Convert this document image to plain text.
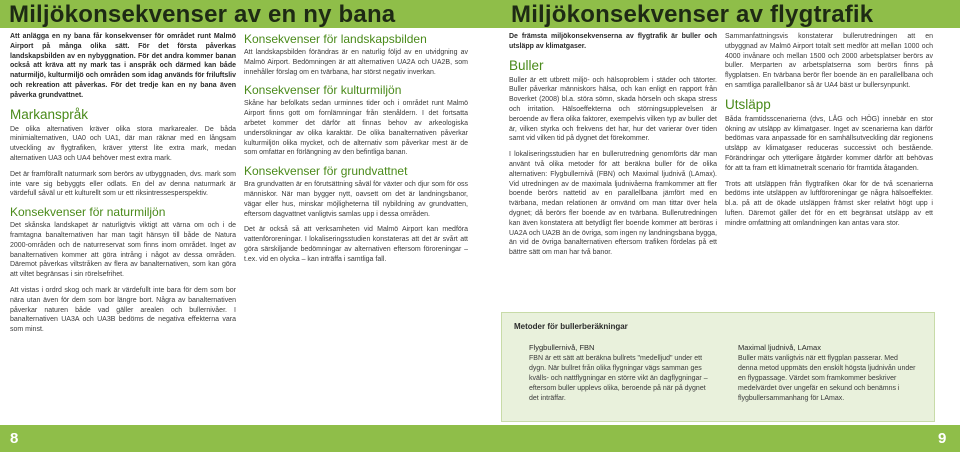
Miljökonsekvenser av en ny bana	Miljökonsekvenser av flygtrafik

Att anlägga en ny bana får konsekvenser för området runt Malmö Airport på många olika sätt. För det första påverkas landskapsbilden av en nybyggnation. För det andra kommer banan också att kräva att ny mark tas i anspråk och därmed kan både naturmiljö, kulturmiljö och områden som idag används för friluftsliv och rekreation att påverkas. För det tredje kan en ny bana även påverka grundvattnet.

Markanspråk

De olika alternativen kräver olika stora markarealer. De båda minimialternativen, UA0 och UA1, där man räknar med en långsam utveckling av flygtrafiken, kräver ytterst lite extra mark, medan alternativen UA3 och UA4 behöver mest extra mark.

Det är framförallt naturmark som berörs av utbyggnaden, dvs. mark som inte vare sig bebyggts eller odlats. En del av denna naturmark är värdefull såväl ur ett kulturellt som ur ett riksintressesperspektiv.

Konsekvenser för naturmiljön

Det skånska landskapet är naturligtvis viktigt att värna om och i de framtagna banalternativen har man tagit hänsyn till både de Natura 2000-områden och de naturreservat som finns inom området. Inget av banalternativen kommer att göra intrång i något av dessa områden. Däremot påverkas viltstråken av flera av banalternativen, som kan göra att viltet begränsas i sin rörelsefrihet.

Att vistas i ordrd skog och mark är värdefullt inte bara för dem som bor nära utan även för dem som bor längre bort. Några av banalternativen påverkar naturen både vad gäller arealen och bullernivåer. I banalternativen UA3A och UA3B bedöms de negativa effekterna vara som minst.

Konsekvenser för landskapsbilden

Att landskapsbilden förändras är en naturlig följd av en utvidgning av Malmö Airport. Bedömningen är att alternativen UA2A och UA2B, som innehåller förslag om en tvärbana, har störst negativ inverkan.

Konsekvenser för kulturmiljön

Skåne har befolkats sedan urminnes tider och i området runt Malmö Airport finns gott om fornlämningar från stenåldern. I det fortsatta arbetet kommer det därför att finnas behov av arkeologiska undersökningar av olika karaktär. De olika banalternativen påverkar kulturmiljön olika mycket, och de alternativ som påverkar mest är de som omfattar en förlängning av den befintliga banan.

Konsekvenser för grundvattnet

Bra grundvatten är en förutsättning såväl för växter och djur som för oss människor. När man bygger nytt, oavsett om det är landningsbanor, vägar eller hus, minskar möjligheterna till nybildning av grundvatten, eftersom dagvattnet vanligtvis samlas upp i dessa områden.

Det är också så att verksamheten vid Malmö Airport kan medföra vattenföroreningar. I lokaliseringsstudien konstateras att det är svårt att göra särskiljande bedömningar av alternativen eftersom föroreningar – t.ex. vid en olycka – kan inträffa i samtliga fall.

De främsta miljökonsekvenserna av flygtrafik är buller och utsläpp av klimatgaser.

Buller

Buller är ett utbrett miljö- och hälsoproblem i städer och tätorter. Buller påverkar människors hälsa, och kan enligt en rapport från Boverket (2008) bl.a. störa sömn, skada hörseln och skapa stress och irritation. Hälsoeffekterna och störningsupplevelsen är beroende av flera olika faktorer, exempelvis vilken typ av buller det är, vilken styrka och frekvens det har, hur det varierar över tiden samt vid vilken tid på dygnet det förekommer.

I lokaliseringsstudien har en bullerutredning genomförts där man använt två olika metoder för att beräkna buller för de olika alternativen: Flygbullernivå (FBN) och Maximal ljudnivå (LAmax). Vid utredningen av de maximala ljudnivåerna framkommer att fler boende berörs nattetid av en parallellbana jämfört med en tvärbana, medan relationen är omvänd om man tittar över hela dygnet; då berörs fler boende av en tvärbana. Bullerutredningen kan även konstatera att betydligt fler boende kommer att beröras i UA2A och UA2B än de övriga, som ingen ny landningsbana bygga, än vid de övriga banalternativen eftersom trafiken fördelas på ett bättre sätt om man har två banor.

Sammanfattningsvis konstaterar bullerutredningen att en utbyggnad av Malmö Airport totalt sett medför att mellan 1000 och 4000 invånare och mellan 1500 och 2000 arbetsplatser berörs av buller. Merparten av arbetsplatserna som berörs finns på flygplatsen. En tvärbana berör fler boende än en parallellbana och en samtliga parallellbanor så är UA4 bäst ur bullersynpunkt.

Utsläpp

Båda framtidsscenarierna (dvs, LÅG och HÖG) innebär en stor ökning av utsläpp av klimatgaser. Inget av scenarierna kan därför bedömas vara anpassade för en samhällsutveckling där regionens utsläpp av klimatgaser reduceras successivt och bestående. Förändringar och ytterligare åtgärder kommer därför att behövas för att ta fram ett klimatnetralt scenario för framtida åtaganden.

Trots att utsläppen från flygtrafiken ökar för de två scenarierna bedöms inte utsläppen av luftföroreningar ge några hälsoeffekter. bl.a. på att de ökade utsläppen främst sker relativt högt upp i luften. Däremot gäller det för en ett begränsat utsläpp av ett mindre omfattning att omlandningen kan antas vara stor.

Metoder för bullerberäkningar
Flygbullernivå, FBN
FBN är ett sätt att beräkna bullrets "medelljud" under ett dygn. När bullret från olika flygningar vägs samman ges kvälls- och nattflygningar en större vikt än dagflygningar – eftersom buller upplevs olika, beroende på när på dygnet det inträffar.
Maximal ljudnivå, LAmax
Buller mäts vanligtvis när ett flygplan passerar. Med denna metod uppmäts den enskilt högsta ljudnivån under en flygpassage. Värdet som framkommer beskriver medelvärdet över ungefär en sekund och benämns i flygbullersammanhang för LAmax.
8	9
